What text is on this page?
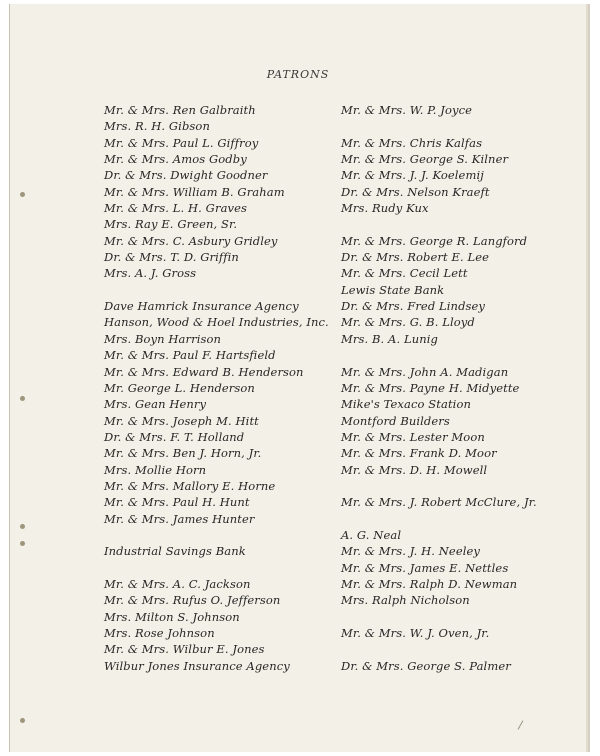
PATRONS
Mr. & Mrs. Ren Galbraith
Mrs. R. H. Gibson
Mr. & Mrs. Paul L. Giffroy
Mr. & Mrs. Amos Godby
Dr. & Mrs. Dwight Goodner
Mr. & Mrs. William B. Graham
Mr. & Mrs. L. H. Graves
Mrs. Ray E. Green, Sr.
Mr. & Mrs. C. Asbury Gridley
Dr. & Mrs. T. D. Griffin
Mrs. A. J. Gross
Dave Hamrick Insurance Agency
Hanson, Wood & Hoel Industries, Inc.
Mrs. Boyn Harrison
Mr. & Mrs. Paul F. Hartsfield
Mr. & Mrs. Edward B. Henderson
Mr. George L. Henderson
Mrs. Gean Henry
Mr. & Mrs. Joseph M. Hitt
Dr. & Mrs. F. T. Holland
Mr. & Mrs. Ben J. Horn, Jr.
Mrs. Mollie Horn
Mr. & Mrs. Mallory E. Horne
Mr. & Mrs. Paul H. Hunt
Mr. & Mrs. James Hunter
Industrial Savings Bank
Mr. & Mrs. A. C. Jackson
Mr. & Mrs. Rufus O. Jefferson
Mrs. Milton S. Johnson
Mrs. Rose Johnson
Mr. & Mrs. Wilbur E. Jones
Wilbur Jones Insurance Agency
Mr. & Mrs. W. P. Joyce
Mr. & Mrs. Chris Kalfas
Mr. & Mrs. George S. Kilner
Mr. & Mrs. J. J. Koelemij
Dr. & Mrs. Nelson Kraeft
Mrs. Rudy Kux
Mr. & Mrs. George R. Langford
Dr. & Mrs. Robert E. Lee
Mr. & Mrs. Cecil Lett
Lewis State Bank
Dr. & Mrs. Fred Lindsey
Mr. & Mrs. G. B. Lloyd
Mrs. B. A. Lunig
Mr. & Mrs. John A. Madigan
Mr. & Mrs. Payne H. Midyette
Mike's Texaco Station
Montford Builders
Mr. & Mrs. Lester Moon
Mr. & Mrs. Frank D. Moor
Mr. & Mrs. D. H. Mowell
Mr. & Mrs. J. Robert McClure, Jr.
A. G. Neal
Mr. & Mrs. J. H. Neeley
Mr. & Mrs. James E. Nettles
Mr. & Mrs. Ralph D. Newman
Mrs. Ralph Nicholson
Mr. & Mrs. W. J. Oven, Jr.
Dr. & Mrs. George S. Palmer
